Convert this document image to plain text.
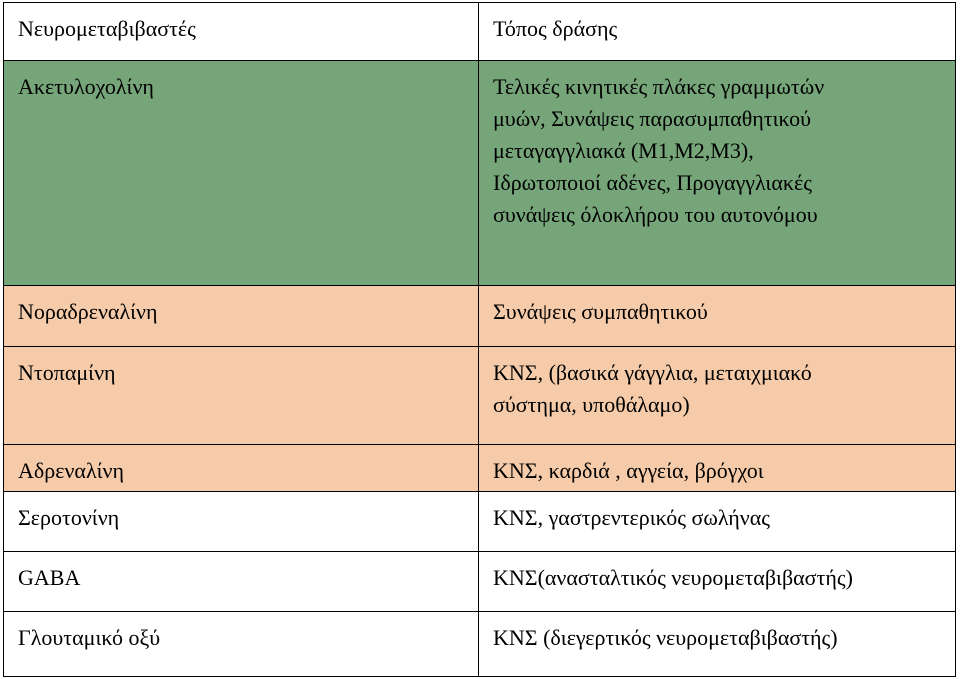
Νευρομεταβιβαστές	Τόπος δράσης
Ακετυλοχολίνη	Τελικές κινητικές πλάκες γραμμωτών
μυών, Συνάψεις παρασυμπαθητικού
μεταγαγγλιακά (M1,M2,M3),
Ιδρωτοποιοί αδένες, Προγαγγλιακές
συνάψεις όλοκλήρου του αυτονόμου

Νοραδρεναλίνη	Συνάψεις συμπαθητικού

Ντοπαμίνη	ΚΝΣ, (βασικά γάγγλια, μεταιχμιακό
σύστημα, υποθάλαμο)

Αδρεναλίνη	ΚΝΣ, καρδιά , αγγεία, βρόγχοι

Σεροτονίνη	ΚΝΣ, γαστρεντερικός σωλήνας

GABA	ΚΝΣ(ανασταλτικός νευρομεταβιβαστής)

Γλουταμικό οξύ	ΚΝΣ (διεγερτικός νευρομεταβιβαστής)
